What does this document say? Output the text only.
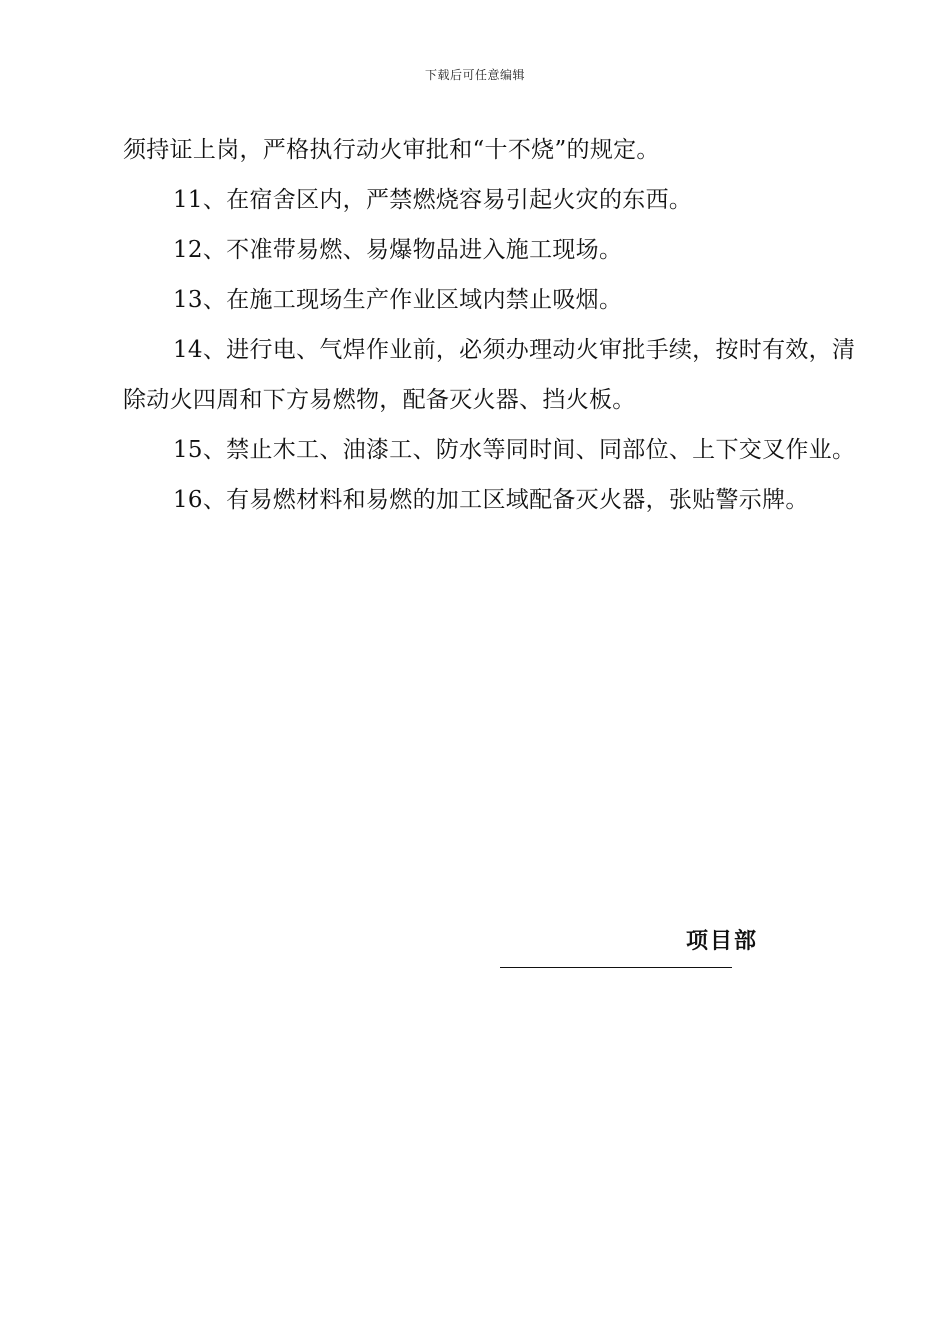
下载后可任意编辑

须持证上岗，严格执行动火审批和“十不烧”的规定。

11、在宿舍区内，严禁燃烧容易引起火灾的东西。

12、不准带易燃、易爆物品进入施工现场。

13、在施工现场生产作业区域内禁止吸烟。

14、进行电、气焊作业前，必须办理动火审批手续，按时有效，清除动火四周和下方易燃物，配备灭火器、挡火板。

15、禁止木工、油漆工、防水等同时间、同部位、上下交叉作业。

16、有易燃材料和易燃的加工区域配备灭火器，张贴警示牌。

项目部
